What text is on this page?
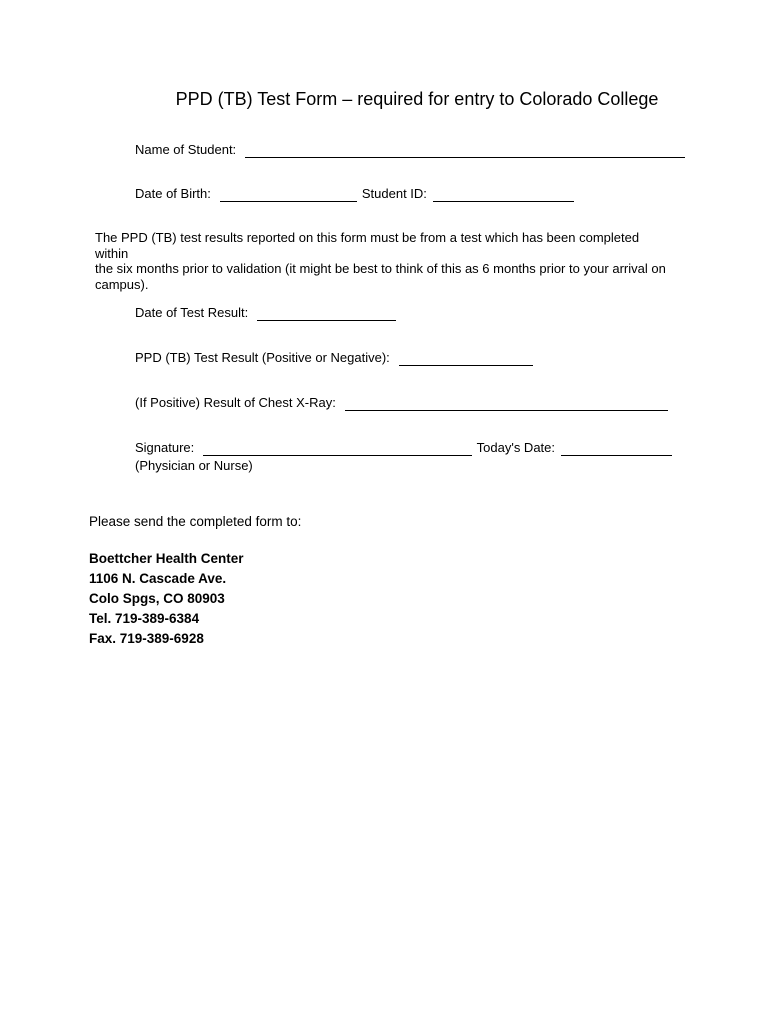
PPD (TB) Test Form – required for entry to Colorado College
Name of Student:
Date of Birth:	Student ID:
The PPD (TB) test results reported on this form must be from a test which has been completed within
the six months prior to validation (it might be best to think of this as 6 months prior to your arrival on
campus).
Date of Test Result:
PPD (TB) Test Result (Positive or Negative):
(If Positive) Result of Chest X-Ray:
Signature:	Today's Date:
(Physician or Nurse)
Please send the completed form to:
Boettcher Health Center
1106 N. Cascade Ave.
Colo Spgs, CO 80903
Tel. 719-389-6384
Fax. 719-389-6928
